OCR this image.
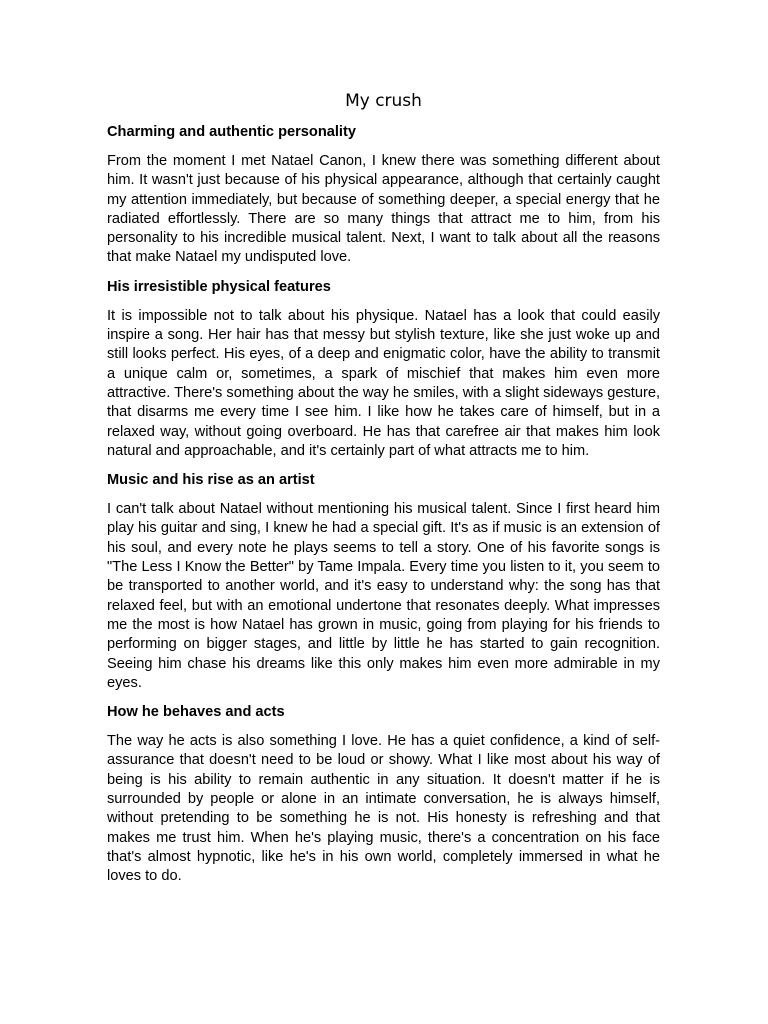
My crush
Charming and authentic personality

From the moment I met Natael Canon, I knew there was something different about him. It wasn't just because of his physical appearance, although that certainly caught my attention immediately, but because of something deeper, a special energy that he radiated effortlessly. There are so many things that attract me to him, from his personality to his incredible musical talent. Next, I want to talk about all the reasons that make Natael my undisputed love.

His irresistible physical features

It is impossible not to talk about his physique. Natael has a look that could easily inspire a song. Her hair has that messy but stylish texture, like she just woke up and still looks perfect. His eyes, of a deep and enigmatic color, have the ability to transmit a unique calm or, sometimes, a spark of mischief that makes him even more attractive. There's something about the way he smiles, with a slight sideways gesture, that disarms me every time I see him. I like how he takes care of himself, but in a relaxed way, without going overboard. He has that carefree air that makes him look natural and approachable, and it's certainly part of what attracts me to him.

Music and his rise as an artist

I can't talk about Natael without mentioning his musical talent. Since I first heard him play his guitar and sing, I knew he had a special gift. It's as if music is an extension of his soul, and every note he plays seems to tell a story. One of his favorite songs is "The Less I Know the Better" by Tame Impala. Every time you listen to it, you seem to be transported to another world, and it's easy to understand why: the song has that relaxed feel, but with an emotional undertone that resonates deeply. What impresses me the most is how Natael has grown in music, going from playing for his friends to performing on bigger stages, and little by little he has started to gain recognition. Seeing him chase his dreams like this only makes him even more admirable in my eyes.

How he behaves and acts

The way he acts is also something I love. He has a quiet confidence, a kind of self-assurance that doesn't need to be loud or showy. What I like most about his way of being is his ability to remain authentic in any situation. It doesn't matter if he is surrounded by people or alone in an intimate conversation, he is always himself, without pretending to be something he is not. His honesty is refreshing and that makes me trust him. When he's playing music, there's a concentration on his face that's almost hypnotic, like he's in his own world, completely immersed in what he loves to do.
